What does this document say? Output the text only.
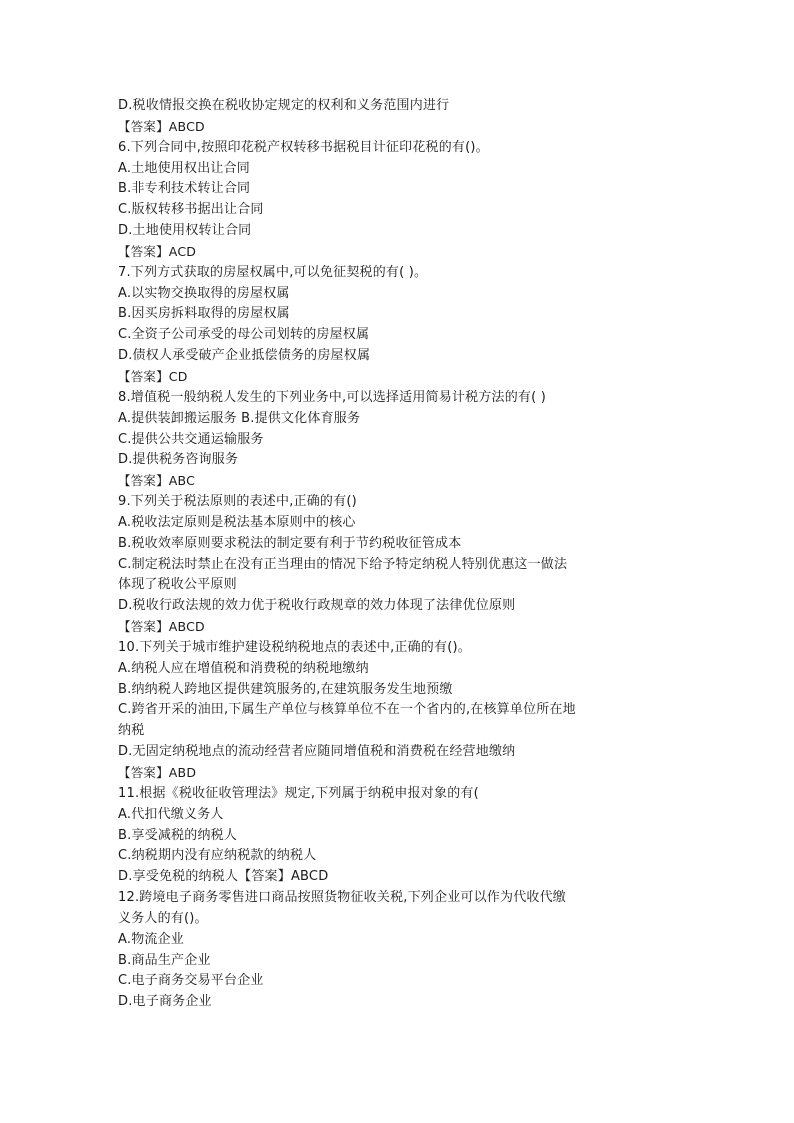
D.税收情报交换在税收协定规定的权利和义务范围内进行
【答案】ABCD
6.下列合同中,按照印花税产权转移书据税目计征印花税的有()。
A.土地使用权出让合同
B.非专利技术转让合同
C.版权转移书据出让合同
D.土地使用权转让合同
【答案】ACD
7.下列方式获取的房屋权属中,可以免征契税的有( )。
A.以实物交换取得的房屋权属
B.因买房拆料取得的房屋权属
C.全资子公司承受的母公司划转的房屋权属
D.债权人承受破产企业抵偿债务的房屋权属
【答案】CD
8.增值税一般纳税人发生的下列业务中,可以选择适用简易计税方法的有( )
A.提供装卸搬运服务 B.提供文化体育服务
C.提供公共交通运输服务
D.提供税务咨询服务
【答案】ABC
9.下列关于税法原则的表述中,正确的有()
A.税收法定原则是税法基本原则中的核心
B.税收效率原则要求税法的制定要有利于节约税收征管成本
C.制定税法时禁止在没有正当理由的情况下给予特定纳税人特别优惠这一做法
体现了税收公平原则
D.税收行政法规的效力优于税收行政规章的效力体现了法律优位原则
【答案】ABCD
10.下列关于城市维护建设税纳税地点的表述中,正确的有()。
A.纳税人应在增值税和消费税的纳税地缴纳
B.纳纳税人跨地区提供建筑服务的,在建筑服务发生地预缴
C.跨省开采的油田,下属生产单位与核算单位不在一个省内的,在核算单位所在地
纳税
D.无固定纳税地点的流动经营者应随同增值税和消费税在经营地缴纳
【答案】ABD
11.根据《税收征收管理法》规定,下列属于纳税申报对象的有(
A.代扣代缴义务人
B.享受减税的纳税人
C.纳税期内没有应纳税款的纳税人
D.享受免税的纳税人【答案】ABCD
12.跨境电子商务零售进口商品按照货物征收关税,下列企业可以作为代收代缴
义务人的有()。
A.物流企业
B.商品生产企业
C.电子商务交易平台企业
D.电子商务企业
